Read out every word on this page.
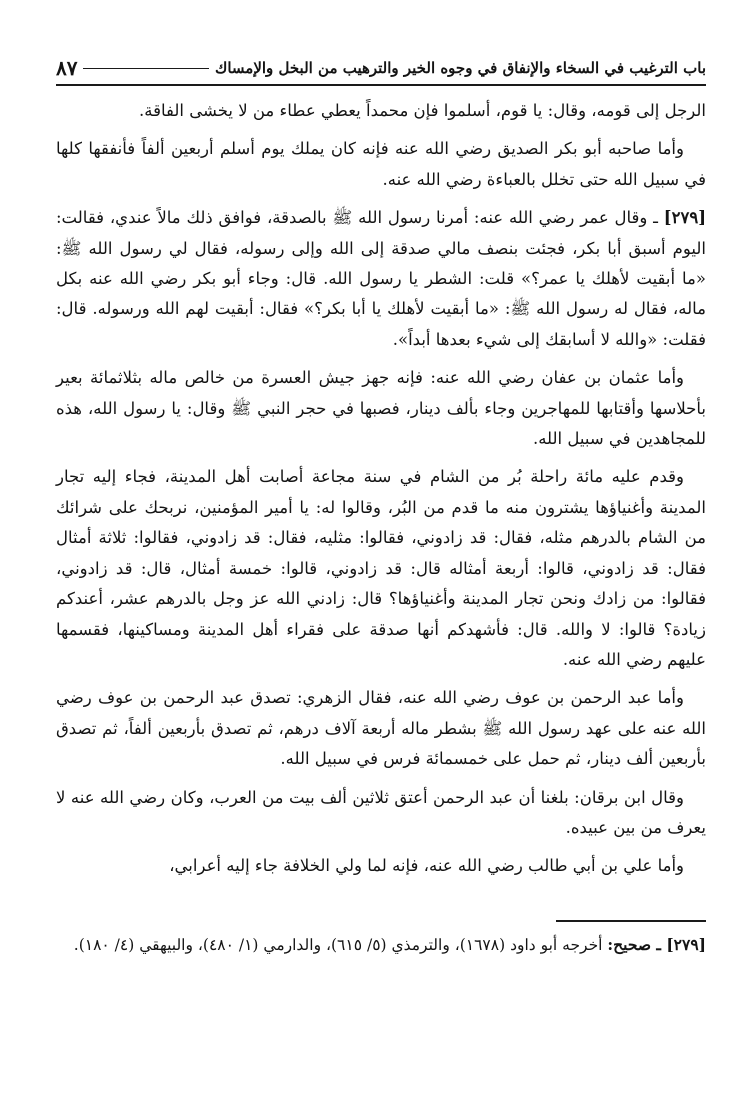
باب الترغيب في السخاء والإنفاق في وجوه الخير والترهيب من البخل والإمساك
٨٧

الرجل إلى قومه، وقال: يا قوم، أسلموا فإن محمداً يعطي عطاء من لا يخشى الفاقة.

وأما صاحبه أبو بكر الصديق رضي الله عنه فإنه كان يملك يوم أسلم أربعين ألفاً فأنفقها كلها في سبيل الله حتى تخلل بالعباءة رضي الله عنه.

[٢٧٩] ـ وقال عمر رضي الله عنه: أمرنا رسول الله ﷺ بالصدقة، فوافق ذلك مالاً عندي، فقالت: اليوم أسبق أبا بكر، فجئت بنصف مالي صدقة إلى الله وإلى رسوله، فقال لي رسول الله ﷺ: «ما أبقيت لأهلك يا عمر؟» قلت: الشطر يا رسول الله. قال: وجاء أبو بكر رضي الله عنه بكل ماله، فقال له رسول الله ﷺ: «ما أبقيت لأهلك يا أبا بكر؟» فقال: أبقيت لهم الله ورسوله. قال: فقلت: «والله لا أسابقك إلى شيء بعدها أبداً».

وأما عثمان بن عفان رضي الله عنه: فإنه جهز جيش العسرة من خالص ماله بثلاثمائة بعير بأحلاسها وأقتابها للمهاجرين وجاء بألف دينار، فصبها في حجر النبي ﷺ وقال: يا رسول الله، هذه للمجاهدين في سبيل الله.

وقدم عليه مائة راحلة بُر من الشام في سنة مجاعة أصابت أهل المدينة، فجاء إليه تجار المدينة وأغنياؤها يشترون منه ما قدم من البُر، وقالوا له: يا أمير المؤمنين، نربحك على شرائك من الشام بالدرهم مثله، فقال: قد زادوني، فقالوا: مثليه، فقال: قد زادوني، فقالوا: ثلاثة أمثال فقال: قد زادوني، قالوا: أربعة أمثاله قال: قد زادوني، قالوا: خمسة أمثال، قال: قد زادوني، فقالوا: من زادك ونحن تجار المدينة وأغنياؤها؟ قال: زادني الله عز وجل بالدرهم عشر، أعندكم زيادة؟ قالوا: لا والله. قال: فأشهدكم أنها صدقة على فقراء أهل المدينة ومساكينها، فقسمها عليهم رضي الله عنه.

وأما عبد الرحمن بن عوف رضي الله عنه، فقال الزهري: تصدق عبد الرحمن بن عوف رضي الله عنه على عهد رسول الله ﷺ بشطر ماله أربعة آلاف درهم، ثم تصدق بأربعين ألفاً، ثم تصدق بأربعين ألف دينار، ثم حمل على خمسمائة فرس في سبيل الله.

وقال ابن برقان: بلغنا أن عبد الرحمن أعتق ثلاثين ألف بيت من العرب، وكان رضي الله عنه لا يعرف من بين عبيده.

وأما علي بن أبي طالب رضي الله عنه، فإنه لما ولي الخلافة جاء إليه أعرابي،

[٢٧٩] ـ صحيح: أخرجه أبو داود (١٦٧٨)، والترمذي (٥/ ٦١٥)، والدارمي (١/ ٤٨٠)، والبيهقي (٤/ ١٨٠).
